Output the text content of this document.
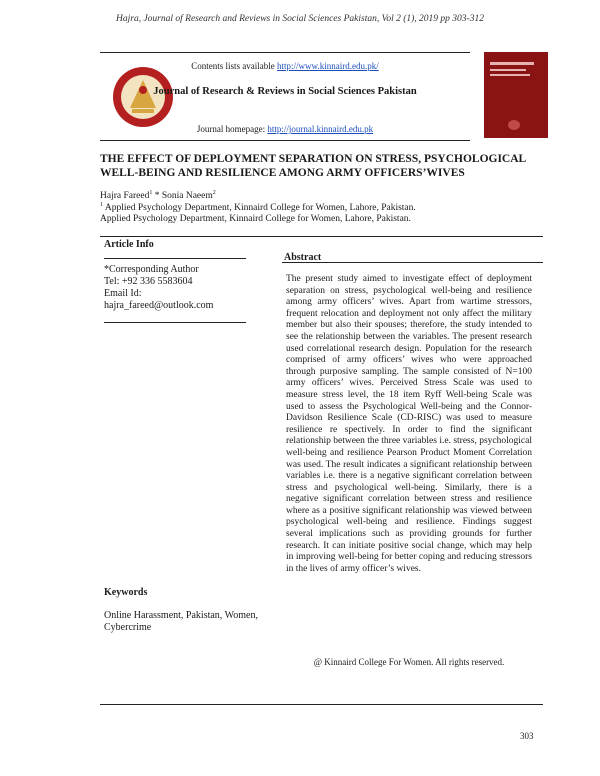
Hajra, Journal of Research and Reviews in Social Sciences Pakistan, Vol 2 (1), 2019 pp 303-312
Contents lists available http://www.kinnaird.edu.pk/
Journal of Research & Reviews in Social Sciences Pakistan
Journal homepage: http://journal.kinnaird.edu.pk
THE EFFECT OF DEPLOYMENT SEPARATION ON STRESS, PSYCHOLOGICAL WELL-BEING AND RESILIENCE AMONG ARMY OFFICERS’WIVES
Hajra Fareed$^1$ * Sonia Naeem$^2$
$^1$ Applied Psychology Department, Kinnaird College for Women, Lahore, Pakistan.
Applied Psychology Department, Kinnaird College for Women, Lahore, Pakistan.
Article Info
*Corresponding Author
Tel: +92 336 5583604
Email Id:
hajra_fareed@outlook.com
Keywords
Online Harassment, Pakistan, Women, Cybercrime
Abstract

The present study aimed to investigate effect of deployment separation on stress, psychological well-being and resilience among army officers’ wives. Apart from wartime stressors, frequent relocation and deployment not only affect the military member but also their spouses; therefore, the study intended to see the relationship between the variables. The present research used correlational research design. Population for the research comprised of army officers’ wives who were approached through purposive sampling. The sample consisted of N=100 army officers’ wives. Perceived Stress Scale was used to measure stress level, the 18 item Ryff Well-being Scale was used to assess the Psychological Well-being and the Connor-Davidson Resilience Scale (CD-RISC) was used to measure resilience re spectively. In order to find the significant relationship between the three variables i.e. stress, psychological well-being and resilience Pearson Product Moment Correlation was used. The result indicates a significant relationship between variables i.e. there is a negative significant correlation between stress and psychological well-being. Similarly, there is a negative significant correlation between stress and resilience where as a positive significant relationship was viewed between psychological well-being and resilience. Findings suggest several implications such as providing grounds for further research. It can initiate positive social change, which may help in improving well-being for better coping and reducing stressors in the lives of army officer’s wives.

@ Kinnaird College For Women. All rights reserved.
303
